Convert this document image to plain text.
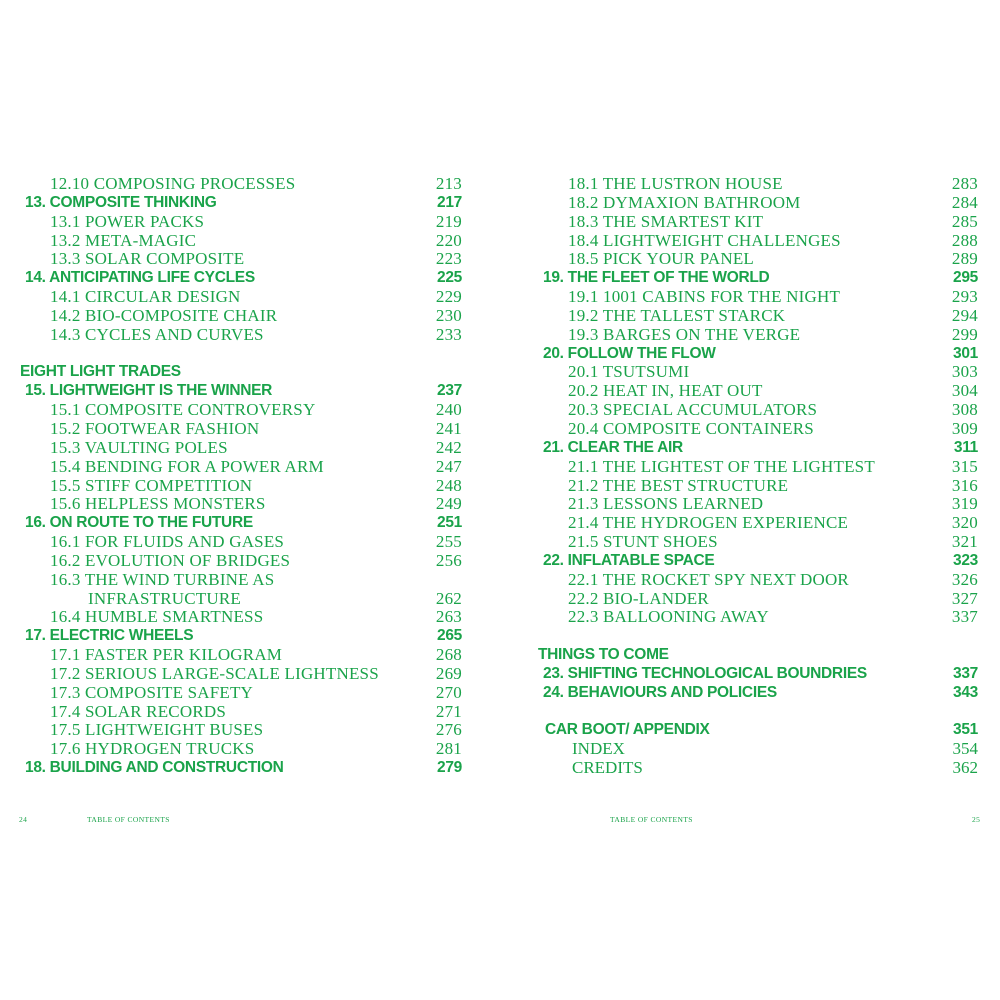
12.10 COMPOSING PROCESSES	213
13. COMPOSITE THINKING	217
13.1 POWER PACKS	219
13.2 META-MAGIC	220
13.3 SOLAR COMPOSITE	223
14. ANTICIPATING LIFE CYCLES	225
14.1 CIRCULAR DESIGN	229
14.2 BIO-COMPOSITE CHAIR	230
14.3 CYCLES AND CURVES	233
EIGHT LIGHT TRADES
15. LIGHTWEIGHT IS THE WINNER	237
15.1 COMPOSITE CONTROVERSY	240
15.2 FOOTWEAR FASHION	241
15.3 VAULTING POLES	242
15.4 BENDING FOR A POWER ARM	247
15.5 STIFF COMPETITION	248
15.6 HELPLESS MONSTERS	249
16. ON ROUTE TO THE FUTURE	251
16.1 FOR FLUIDS AND GASES	255
16.2 EVOLUTION OF BRIDGES	256
16.3 THE WIND TURBINE AS
INFRASTRUCTURE	262
16.4 HUMBLE SMARTNESS	263
17. ELECTRIC WHEELS	265
17.1 FASTER PER KILOGRAM	268
17.2 SERIOUS LARGE-SCALE LIGHTNESS	269
17.3 COMPOSITE SAFETY	270
17.4 SOLAR RECORDS	271
17.5 LIGHTWEIGHT BUSES	276
17.6 HYDROGEN TRUCKS	281
18. BUILDING AND CONSTRUCTION	279
24	TABLE OF CONTENTS
18.1 THE LUSTRON HOUSE	283
18.2 DYMAXION BATHROOM	284
18.3 THE SMARTEST KIT	285
18.4 LIGHTWEIGHT CHALLENGES	288
18.5 PICK YOUR PANEL	289
19. THE FLEET OF THE WORLD	295
19.1 1001 CABINS FOR THE NIGHT	293
19.2 THE TALLEST STARCK	294
19.3 BARGES ON THE VERGE	299
20. FOLLOW THE FLOW	301
20.1 TSUTSUMI	303
20.2 HEAT IN, HEAT OUT	304
20.3 SPECIAL ACCUMULATORS	308
20.4 COMPOSITE CONTAINERS	309
21. CLEAR THE AIR	311
21.1 THE LIGHTEST OF THE LIGHTEST	315
21.2 THE BEST STRUCTURE	316
21.3 LESSONS LEARNED	319
21.4 THE HYDROGEN EXPERIENCE	320
21.5 STUNT SHOES	321
22. INFLATABLE SPACE	323
22.1 THE ROCKET SPY NEXT DOOR	326
22.2 BIO-LANDER	327
22.3 BALLOONING AWAY	337
THINGS TO COME
23. SHIFTING TECHNOLOGICAL BOUNDRIES	337
24. BEHAVIOURS AND POLICIES	343
CAR BOOT/ APPENDIX	351
INDEX	354
CREDITS	362
TABLE OF CONTENTS	25
